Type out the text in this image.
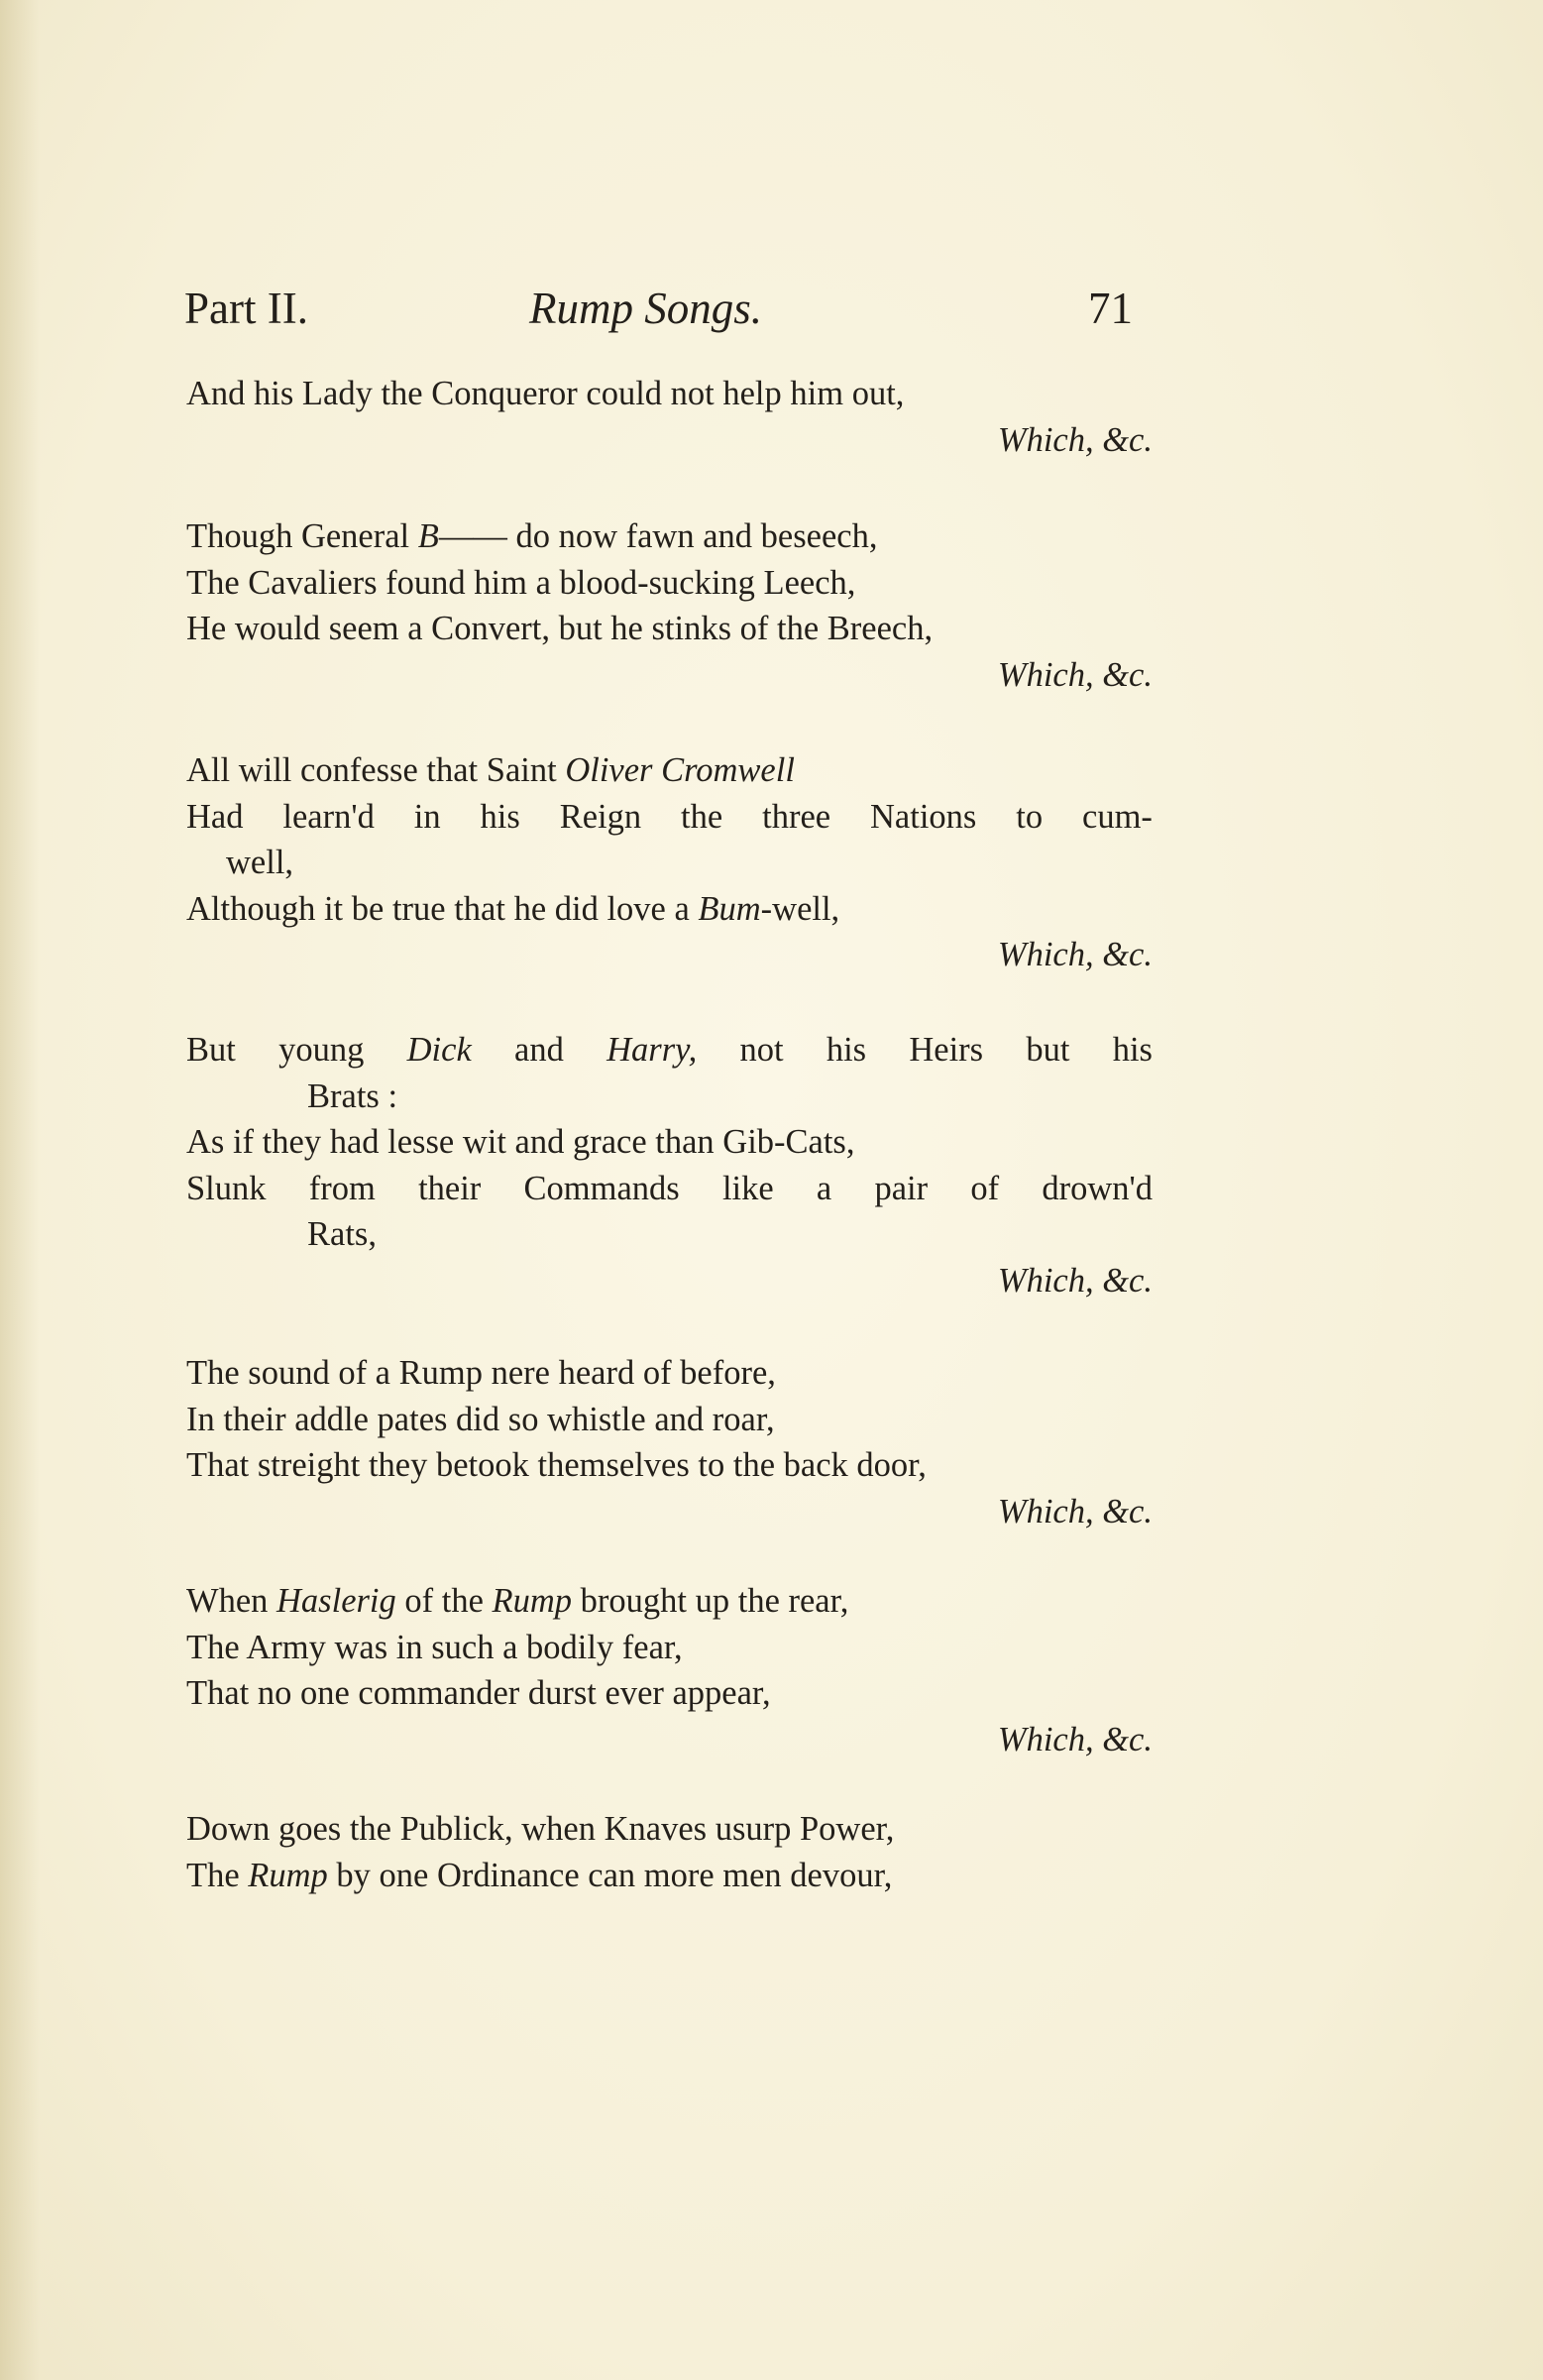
Part II.	Rump Songs.	71
And his Lady the Conqueror could not help him out,
Which, &c.
Though General B—— do now fawn and beseech,
The Cavaliers found him a blood-sucking Leech,
He would seem a Convert, but he stinks of the Breech,
Which, &c.
All will confesse that Saint Oliver Cromwell
Had learn'd in his Reign the three Nations to cum-
well,
Although it be true that he did love a Bum-well,
Which, &c.
But young Dick and Harry, not his Heirs but his
Brats :
As if they had lesse wit and grace than Gib-Cats,
Slunk from their Commands like a pair of drown'd
Rats,
Which, &c.
The sound of a Rump nere heard of before,
In their addle pates did so whistle and roar,
That streight they betook themselves to the back door,
Which, &c.
When Haslerig of the Rump brought up the rear,
The Army was in such a bodily fear,
That no one commander durst ever appear,
Which, &c.
Down goes the Publick, when Knaves usurp Power,
The Rump by one Ordinance can more men devour,
